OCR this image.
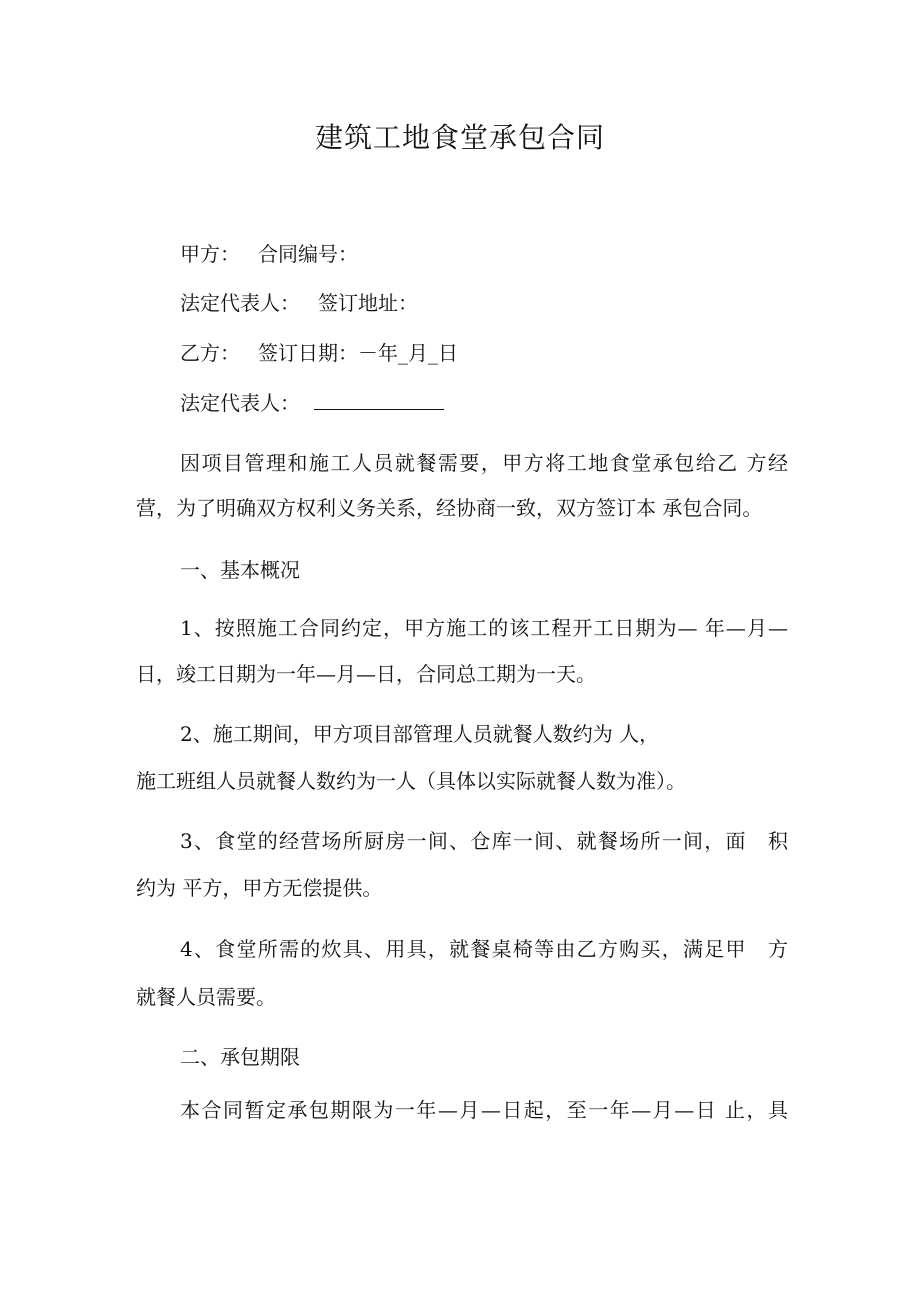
建筑工地食堂承包合同
甲方： 合同编号：
法定代表人： 签订地址：
乙方： 签订日期：－年_月_日
法定代表人：
因项目管理和施工人员就餐需要，甲方将工地食堂承包给乙 方经
营，为了明确双方权利义务关系，经协商一致，双方签订本 承包合同。
一、基本概况
1、按照施工合同约定，甲方施工的该工程开工日期为— 年—月—
日，竣工日期为一年—月—日，合同总工期为一天。
2、施工期间，甲方项目部管理人员就餐人数约为 人，
施工班组人员就餐人数约为一人（具体以实际就餐人数为准）。
3、食堂的经营场所厨房一间、仓库一间、就餐场所一间，面　积
约为 平方，甲方无偿提供。
4、食堂所需的炊具、用具，就餐桌椅等由乙方购买，满足甲　方
就餐人员需要。
二、承包期限
本合同暂定承包期限为一年—月—日起，至一年—月—日 止，具
